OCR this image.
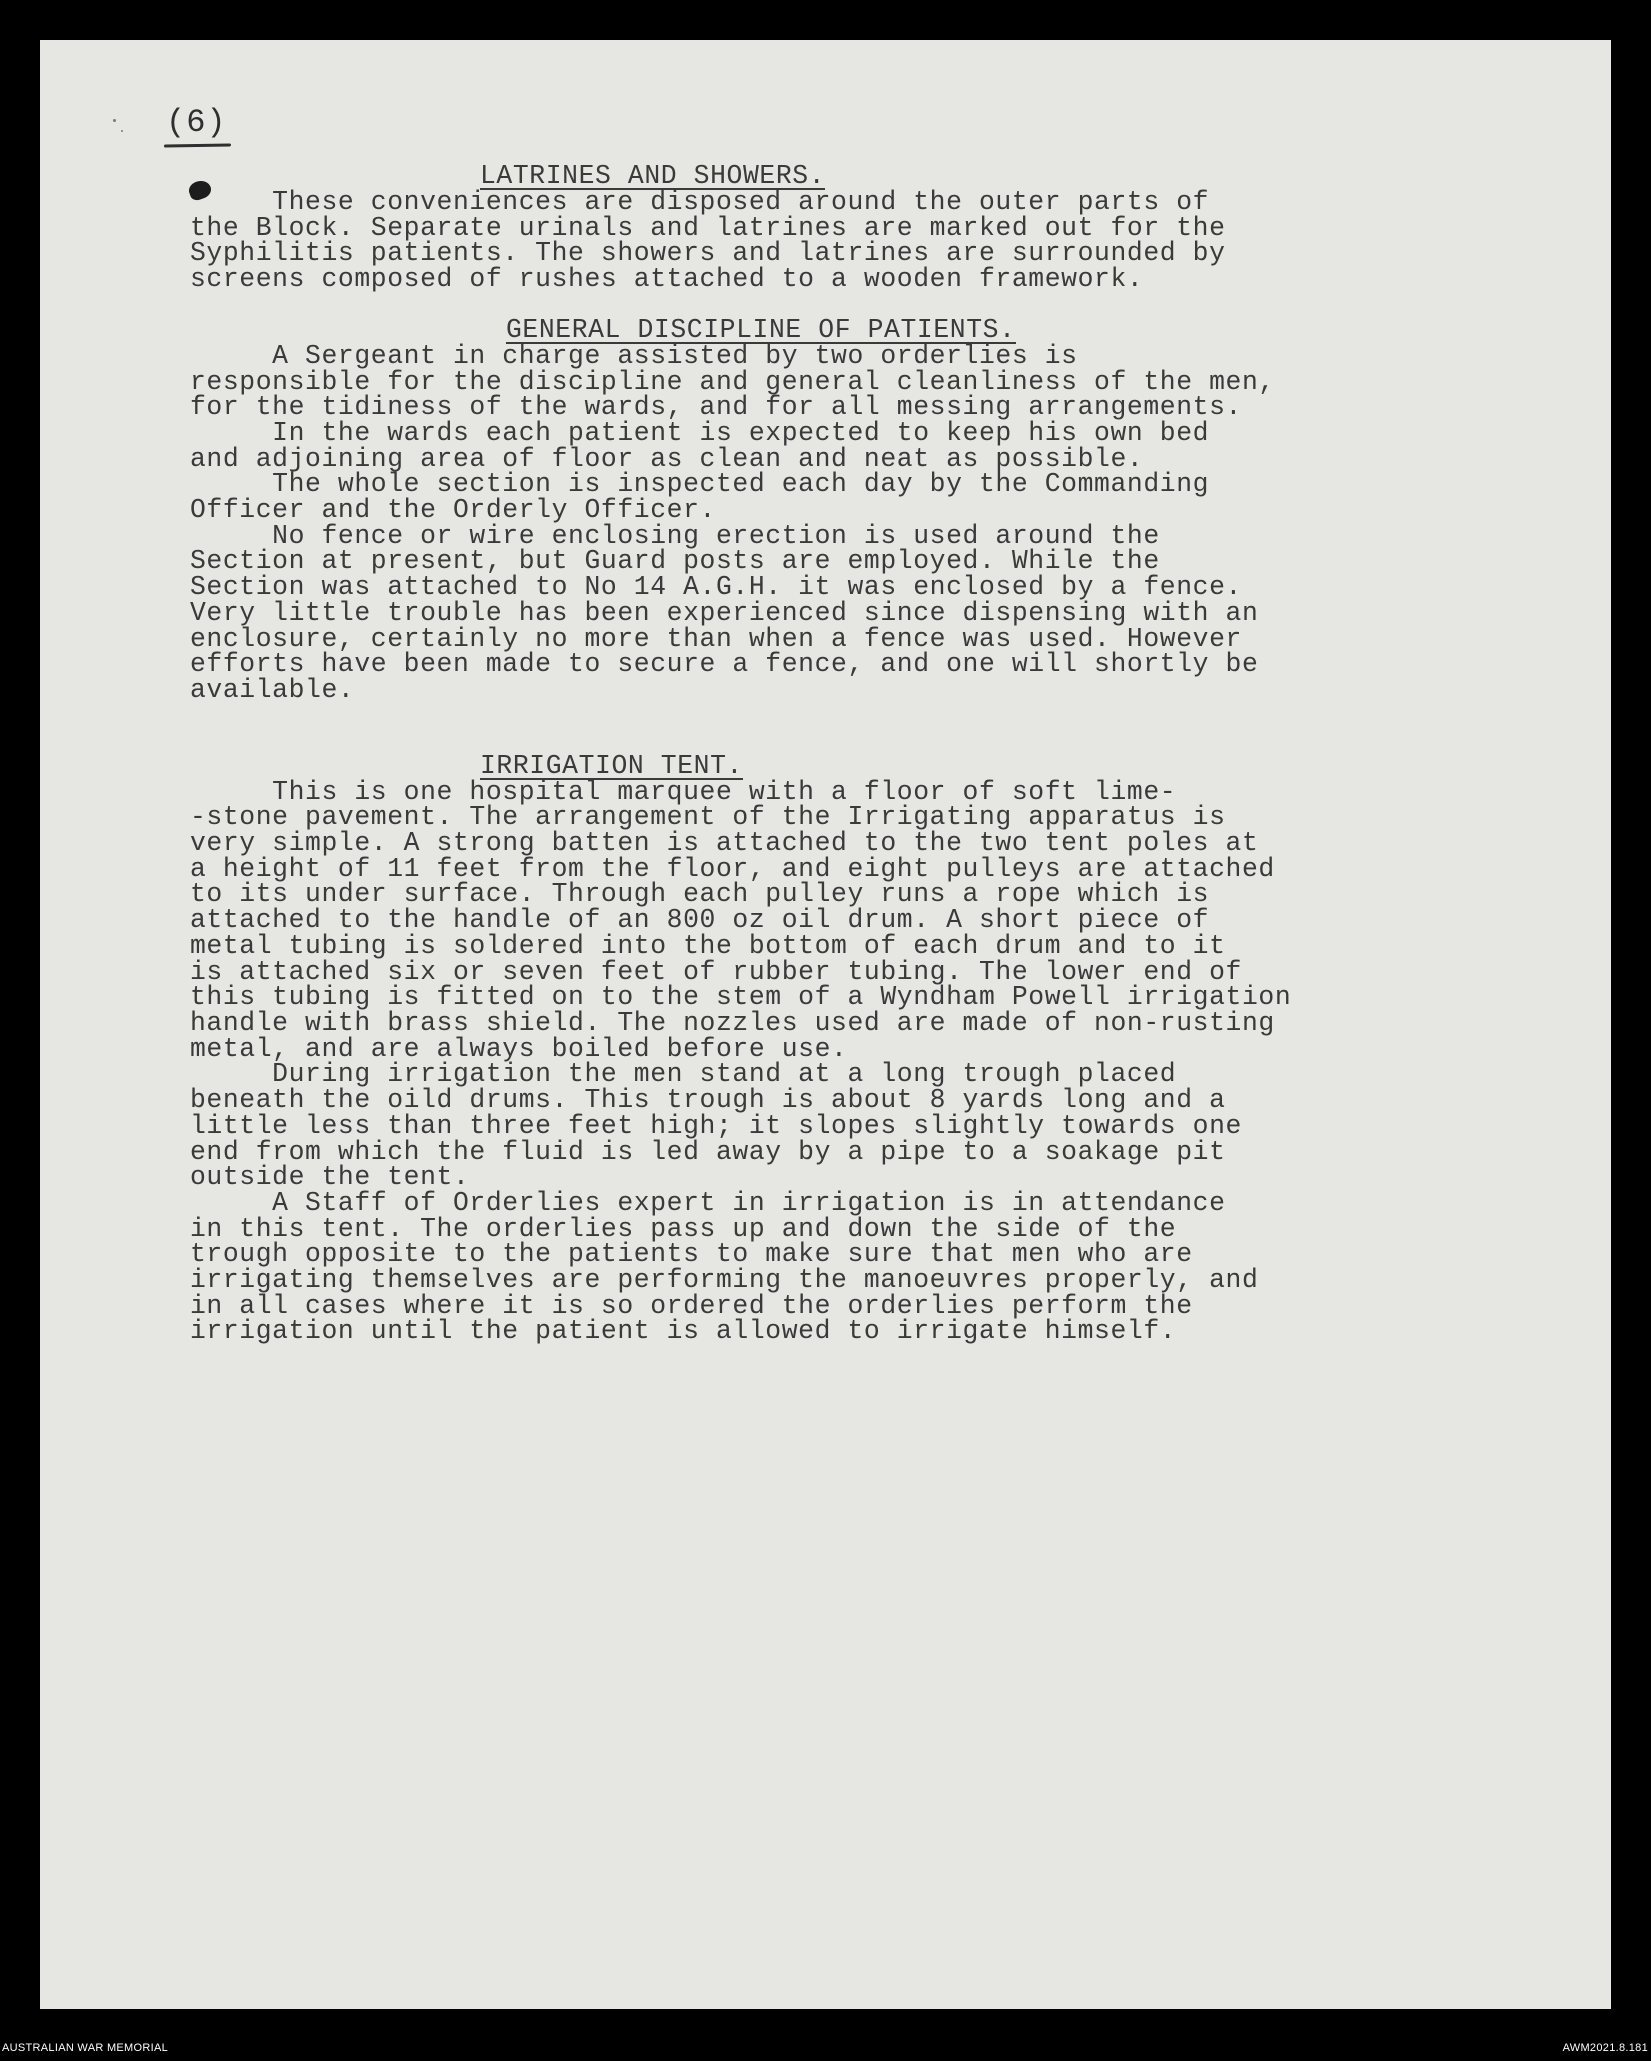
(6)
LATRINES AND SHOWERS.
These conveniences are disposed around the outer parts of
the Block. Separate urinals and latrines are marked out for the
Syphilitis patients. The showers and latrines are surrounded by
screens composed of rushes attached to a wooden framework.
GENERAL DISCIPLINE OF PATIENTS.
A Sergeant in charge assisted by two orderlies is
responsible for the discipline and general cleanliness of the men,
for the tidiness of the wards, and for all messing arrangements.
In the wards each patient is expected to keep his own bed
and adjoining area of floor as clean and neat as possible.
The whole section is inspected each day by the Commanding
Officer and the Orderly Officer.
No fence or wire enclosing erection is used around the
Section at present, but Guard posts are employed. While the
Section was attached to No 14 A.G.H. it was enclosed by a fence.
Very little trouble has been experienced since dispensing with an
enclosure, certainly no more than when a fence was used. However
efforts have been made to secure a fence, and one will shortly be
available.
IRRIGATION TENT.
This is one hospital marquee with a floor of soft lime-
-stone pavement. The arrangement of the Irrigating apparatus is
very simple. A strong batten is attached to the two tent poles at
a height of 11 feet from the floor, and eight pulleys are attached
to its under surface. Through each pulley runs a rope which is
attached to the handle of an 800 oz oil drum. A short piece of
metal tubing is soldered into the bottom of each drum and to it
is attached six or seven feet of rubber tubing. The lower end of
this tubing is fitted on to the stem of a Wyndham Powell irrigation
handle with brass shield. The nozzles used are made of non-rusting
metal, and are always boiled before use.
During irrigation the men stand at a long trough placed
beneath the oild drums. This trough is about 8 yards long and a
little less than three feet high; it slopes slightly towards one
end from which the fluid is led away by a pipe to a soakage pit
outside the tent.
A Staff of Orderlies expert in irrigation is in attendance
in this tent. The orderlies pass up and down the side of the
trough opposite to the patients to make sure that men who are
irrigating themselves are performing the manoeuvres properly, and
in all cases where it is so ordered the orderlies perform the
irrigation until the patient is allowed to irrigate himself.
AUSTRALIAN WAR MEMORIAL	AWM2021.8.181
